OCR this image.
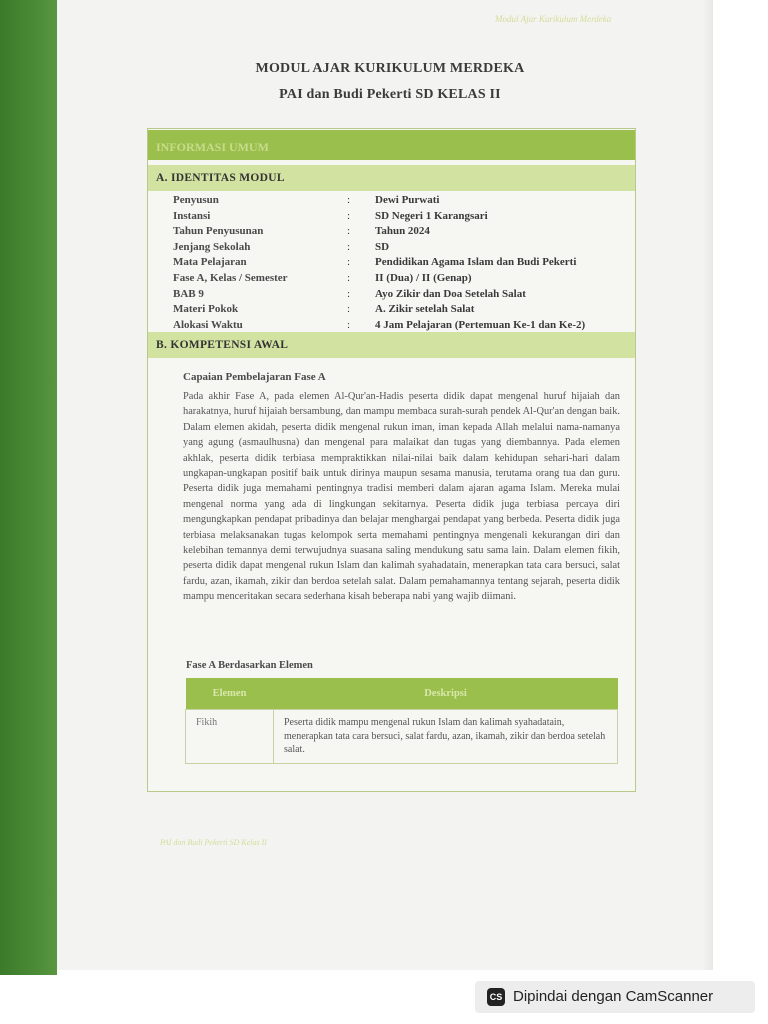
Modul Ajar Kurikulum Merdeka
MODUL AJAR KURIKULUM MERDEKA
PAI dan Budi Pekerti SD KELAS II
INFORMASI UMUM
A. IDENTITAS MODUL
Penyusun	: Dewi Purwati
Instansi	: SD Negeri 1 Karangsari
Tahun Penyusunan	: Tahun 2024
Jenjang Sekolah	: SD
Mata Pelajaran	: Pendidikan Agama Islam dan Budi Pekerti
Fase A, Kelas / Semester	: II (Dua) / II (Genap)
BAB 9	: Ayo Zikir dan Doa Setelah Salat
Materi Pokok	: A. Zikir setelah Salat
Alokasi Waktu	: 4 Jam Pelajaran (Pertemuan Ke-1 dan Ke-2)
B. KOMPETENSI AWAL
Capaian Pembelajaran Fase A
Pada akhir Fase A, pada elemen Al-Qur'an-Hadis peserta didik dapat mengenal huruf hijaiah dan harakatnya, huruf hijaiah bersambung, dan mampu membaca surah-surah pendek Al-Qur'an dengan baik. Dalam elemen akidah, peserta didik mengenal rukun iman, iman kepada Allah melalui nama-namanya yang agung (asmaulhusna) dan mengenal para malaikat dan tugas yang diembannya. Pada elemen akhlak, peserta didik terbiasa mempraktikkan nilai-nilai baik dalam kehidupan sehari-hari dalam ungkapan-ungkapan positif baik untuk dirinya maupun sesama manusia, terutama orang tua dan guru. Peserta didik juga memahami pentingnya tradisi memberi dalam ajaran agama Islam. Mereka mulai mengenal norma yang ada di lingkungan sekitarnya. Peserta didik juga terbiasa percaya diri mengungkapkan pendapat pribadinya dan belajar menghargai pendapat yang berbeda. Peserta didik juga terbiasa melaksanakan tugas kelompok serta memahami pentingnya mengenali kekurangan diri dan kelebihan temannya demi terwujudnya suasana saling mendukung satu sama lain. Dalam elemen fikih, peserta didik dapat mengenal rukun Islam dan kalimah syahadatain, menerapkan tata cara bersuci, salat fardu, azan, ikamah, zikir dan berdoa setelah salat. Dalam pemahamannya tentang sejarah, peserta didik mampu menceritakan secara sederhana kisah beberapa nabi yang wajib diimani.
Fase A Berdasarkan Elemen
Elemen	Deskripsi
Fikih	Peserta didik mampu mengenal rukun Islam dan kalimah syahadatain, menerapkan tata cara bersuci, salat fardu, azan, ikamah, zikir dan berdoa setelah salat.
PAI dan Budi Pekerti SD Kelas II
CS Dipindai dengan CamScanner
